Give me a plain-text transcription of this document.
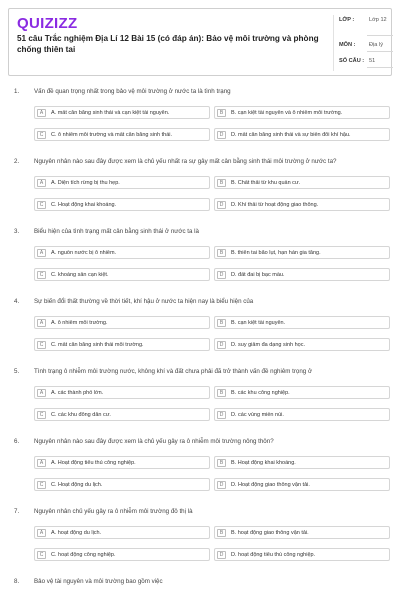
QUIZIZZ
51 câu Trắc nghiệm Địa Lí 12 Bài 15 (có đáp án): Bảo vệ môi trường và phòng chống thiên tai
LỚP :	Lớp 12
MÔN : Địa lý
SỐ CÂU : 51
1. Vấn đề quan trọng nhất trong bảo vệ môi trường ở nước ta là tình trạng
A	A. mất cân bằng sinh thái và cạn kiệt tài nguyên.	B	B. cạn kiệt tài nguyên và ô nhiễm môi trường.
C	C. ô nhiễm môi trường và mất cân bằng sinh thái.	D	D. mất cân bằng sinh thái và sự biến đổi khí hậu.
2. Nguyên nhân nào sau đây được xem là chủ yếu nhất ra sự gây mất cân bằng sinh thái môi trường ở nước ta?
A	A. Diện tích rừng bị thu hẹp.	B	B. Chất thải từ khu quần cư.
C	C. Hoạt động khai khoáng.	D	D. Khí thải từ hoạt động giao thông.
3. Biểu hiện của tình trạng mất cân bằng sinh thái ở nước ta là
A	A. nguồn nước bị ô nhiễm.	B	B. thiên tai bão lụt, hạn hán gia tăng.
C	C. khoáng sản cạn kiệt.	D	D. đất đai bị bạc màu.
4. Sự biến đổi thất thường về thời tiết, khí hậu ở nước ta hiện nay là biểu hiện của
A	A. ô nhiễm môi trường.	B	B. cạn kiệt tài nguyên.
C	C. mất cân bằng sinh thái môi trường.	D	D. suy giảm đa dạng sinh học.
5. Tình trạng ô nhiễm môi trường nước, không khí và đất chưa phải đã trở thành vấn đề nghiêm trọng ở
A	A. các thành phố lớn.	B	B. các khu công nghiệp.
C	C. các khu đông dân cư.	D	D. các vùng miền núi.
6. Nguyên nhân nào sau đây được xem là chủ yếu gây ra ô nhiễm môi trường nông thôn?
A	A. Hoạt động tiểu thủ công nghiệp.	B	B. Hoạt động khai khoáng.
C	C. Hoạt động du lịch.	D	D. Hoạt động giao thông vận tải.
7. Nguyên nhân chủ yếu gây ra ô nhiễm môi trường đô thị là
A	A. hoạt động du lịch.	B	B. hoạt động giao thông vận tải.
C	C. hoạt động công nghiệp.	D	D. hoạt động tiểu thủ công nghiệp.
8. Bảo vệ tài nguyên và môi trường bao gồm việc
